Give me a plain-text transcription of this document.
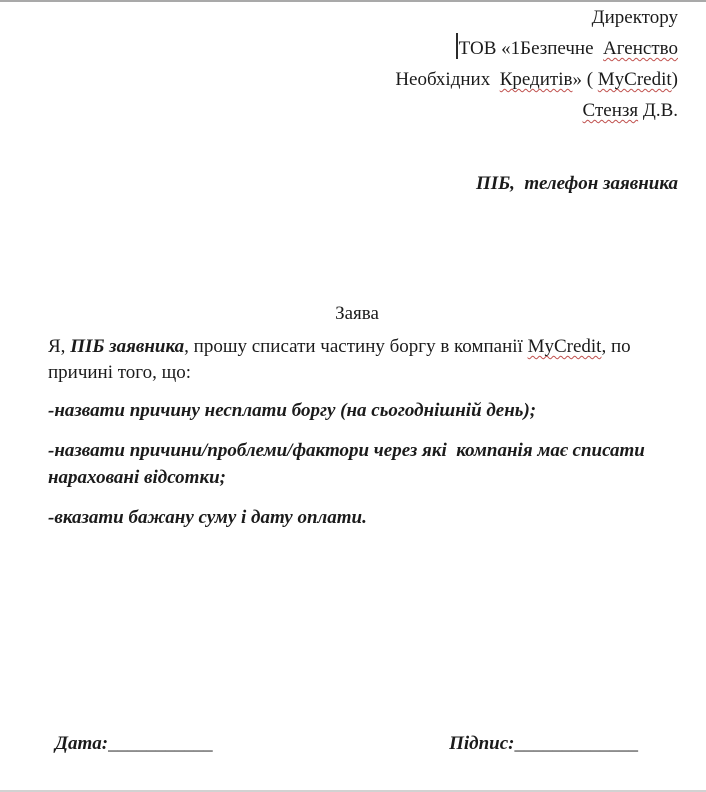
Директору

ТОВ «1Безпечне  Агенство

Необхідних  Кредитів» ( MyCredit)

Стензя Д.В.

ПІБ,  телефон заявника

Заява

Я, ПІБ заявника, прошу списати частину боргу в компанії MyCredit, по причині того, що:

-назвати причину несплати боргу (на сьогоднішній день);

-назвати причини/проблеми/фактори через які  компанія має списати нараховані відсотки;

-вказати бажану суму і дату оплати.

Дата:___________	Підпис:_____________
